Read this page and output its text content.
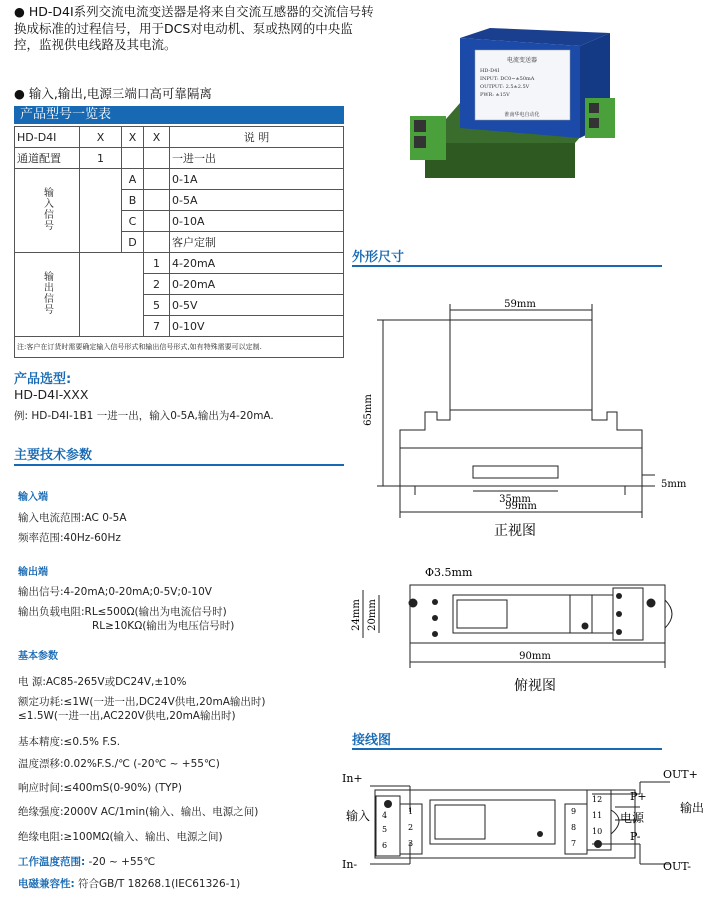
● HD-D4I系列交流电流变送器是将来自交流互感器的交流信号转换成标准的过程信号，用于DCS对电动机、泵或热网的中央监控，监视供电线路及其电流。
● 输入,输出,电源三端口高可靠隔离
电流变送器
HD-D4I
INPUT: DC0~±50mA
OUTPUT: 2.5±2.5V
PWR: ±15V
淮南华电自动化
产品型号一览表
HD-D4I	X	X	X	说 明
通道配置	1			一进一出
输入信号		A		0-1A
		B		0-5A
		C		0-10A
		D		客户定制
输出信号			1	4-20mA
			2	0-20mA
			5	0-5V
			7	0-10V
注:客户在订货时需要确定输入信号形式和输出信号形式,如有特殊需要可以定制.				
产品选型:
HD-D4I-XXX
例: HD-D4I-1B1 一进一出，输入0-5A,输出为4-20mA.
主要技术参数
输入端
输入电流范围:AC 0-5A
频率范围:40Hz-60Hz
输出端
输出信号:4-20mA;0-20mA;0-5V;0-10V
输出负载电阻:RL≤500Ω(输出为电流信号时)
RL≥10KΩ(输出为电压信号时)
基本参数
电 源:AC85-265V或DC24V,±10%
额定功耗:≤1W(一进一出,DC24V供电,20mA输出时)
≤1.5W(一进一出,AC220V供电,20mA输出时)
基本精度:≤0.5% F.S.
温度漂移:0.02%F.S./℃ (-20℃ ~ +55℃)
响应时间:≤400mS(0-90%) (TYP)
绝缘强度:2000V AC/1min(输入、输出、电源之间)
绝缘电阻:≥100MΩ(输入、输出、电源之间)
工作温度范围: -20 ~ +55℃
电磁兼容性: 符合GB/T 18268.1(IEC61326-1)
外形尺寸
59mm
65mm
35mm
99mm
5mm
正视图
Φ3.5mm
24mm 20mm
90mm
俯视图
接线图
In+
In-
输入
OUT+
OUT-
输出
P+
P-
电源
4
5
6
1
2
3
9
8
7
12
11
10
